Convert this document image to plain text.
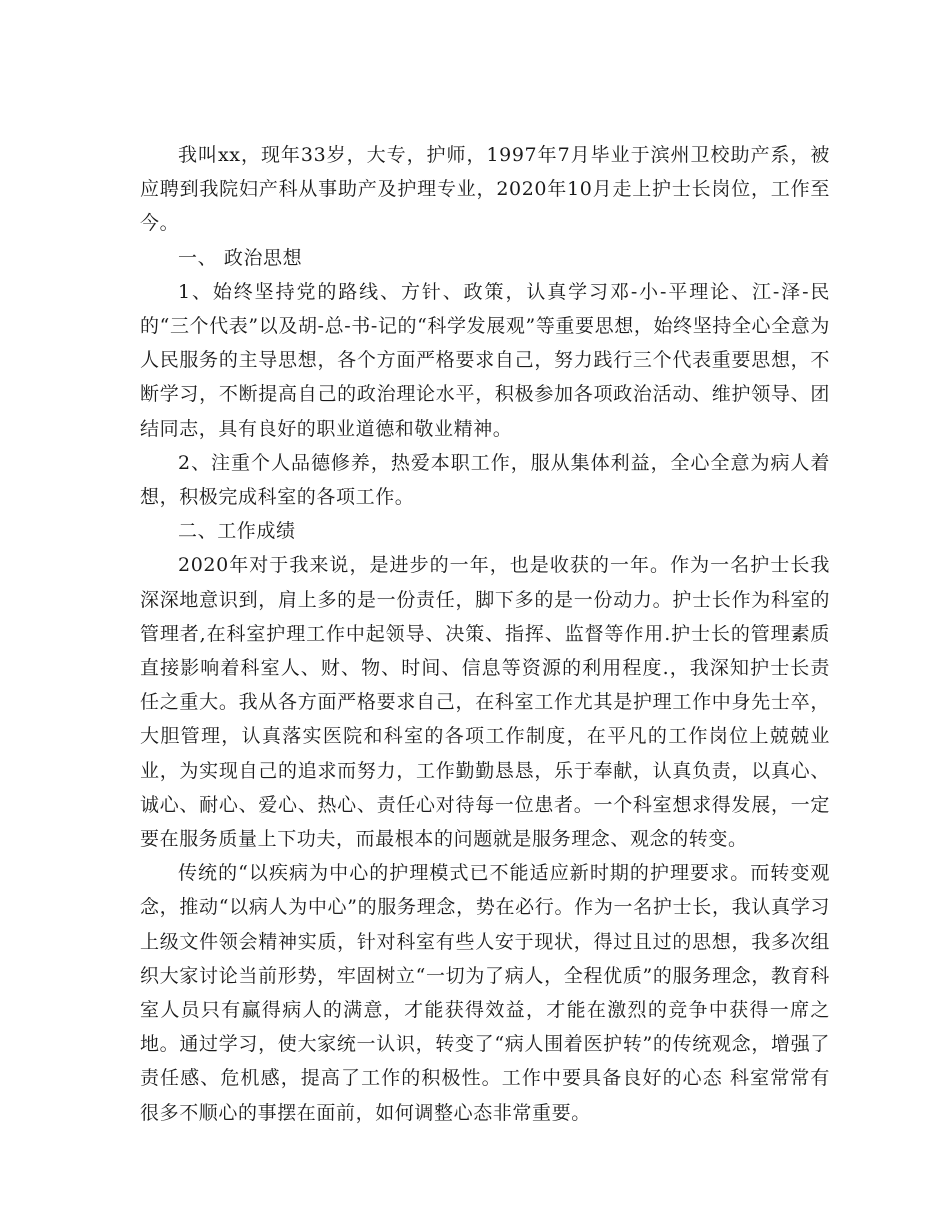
我叫xx，现年33岁，大专，护师，1997年7月毕业于滨州卫校助产系，被应聘到我院妇产科从事助产及护理专业，2020年10月走上护士长岗位，工作至今。

一、 政治思想

1、始终坚持党的路线、方针、政策，认真学习邓-小-平理论、江-泽-民的“三个代表”以及胡-总-书-记的“科学发展观”等重要思想，始终坚持全心全意为人民服务的主导思想，各个方面严格要求自己，努力践行三个代表重要思想，不断学习，不断提高自己的政治理论水平，积极参加各项政治活动、维护领导、团结同志，具有良好的职业道德和敬业精神。

2、注重个人品德修养，热爱本职工作，服从集体利益，全心全意为病人着想，积极完成科室的各项工作。

二、工作成绩

2020年对于我来说，是进步的一年，也是收获的一年。作为一名护士长我深深地意识到，肩上多的是一份责任，脚下多的是一份动力。护士长作为科室的管理者,在科室护理工作中起领导、决策、指挥、监督等作用.护士长的管理素质直接影响着科室人、财、物、时间、信息等资源的利用程度.，我深知护士长责任之重大。我从各方面严格要求自己，在科室工作尤其是护理工作中身先士卒，大胆管理，认真落实医院和科室的各项工作制度，在平凡的工作岗位上兢兢业业，为实现自己的追求而努力，工作勤勤恳恳，乐于奉献，认真负责，以真心、诚心、耐心、爱心、热心、责任心对待每一位患者。一个科室想求得发展，一定要在服务质量上下功夫，而最根本的问题就是服务理念、观念的转变。

传统的“以疾病为中心的护理模式已不能适应新时期的护理要求。而转变观念，推动“以病人为中心”的服务理念，势在必行。作为一名护士长，我认真学习上级文件领会精神实质，针对科室有些人安于现状，得过且过的思想，我多次组织大家讨论当前形势，牢固树立“一切为了病人，全程优质”的服务理念，教育科室人员只有赢得病人的满意，才能获得效益，才能在激烈的竞争中获得一席之地。通过学习，使大家统一认识，转变了“病人围着医护转”的传统观念，增强了责任感、危机感，提高了工作的积极性。工作中要具备良好的心态 科室常常有很多不顺心的事摆在面前，如何调整心态非常重要。
